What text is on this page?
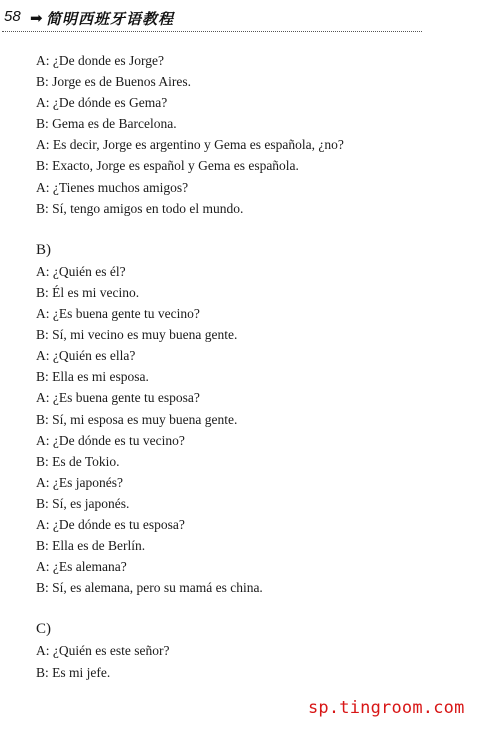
58 ➡ 简明西班牙语教程
A: ¿De donde es Jorge?
B: Jorge es de Buenos Aires.
A: ¿De dónde es Gema?
B: Gema es de Barcelona.
A: Es decir, Jorge es argentino y Gema es española, ¿no?
B: Exacto, Jorge es español y Gema es española.
A: ¿Tienes muchos amigos?
B: Sí, tengo amigos en todo el mundo.
B)
A: ¿Quién es él?
B: Él es mi vecino.
A: ¿Es buena gente tu vecino?
B: Sí, mi vecino es muy buena gente.
A: ¿Quién es ella?
B: Ella es mi esposa.
A: ¿Es buena gente tu esposa?
B: Sí, mi esposa es muy buena gente.
A: ¿De dónde es tu vecino?
B: Es de Tokio.
A: ¿Es japonés?
B: Sí, es japonés.
A: ¿De dónde es tu esposa?
B: Ella es de Berlín.
A: ¿Es alemana?
B: Sí, es alemana, pero su mamá es china.
C)
A: ¿Quién es este señor?
B: Es mi jefe.
sp.tingroom.com
